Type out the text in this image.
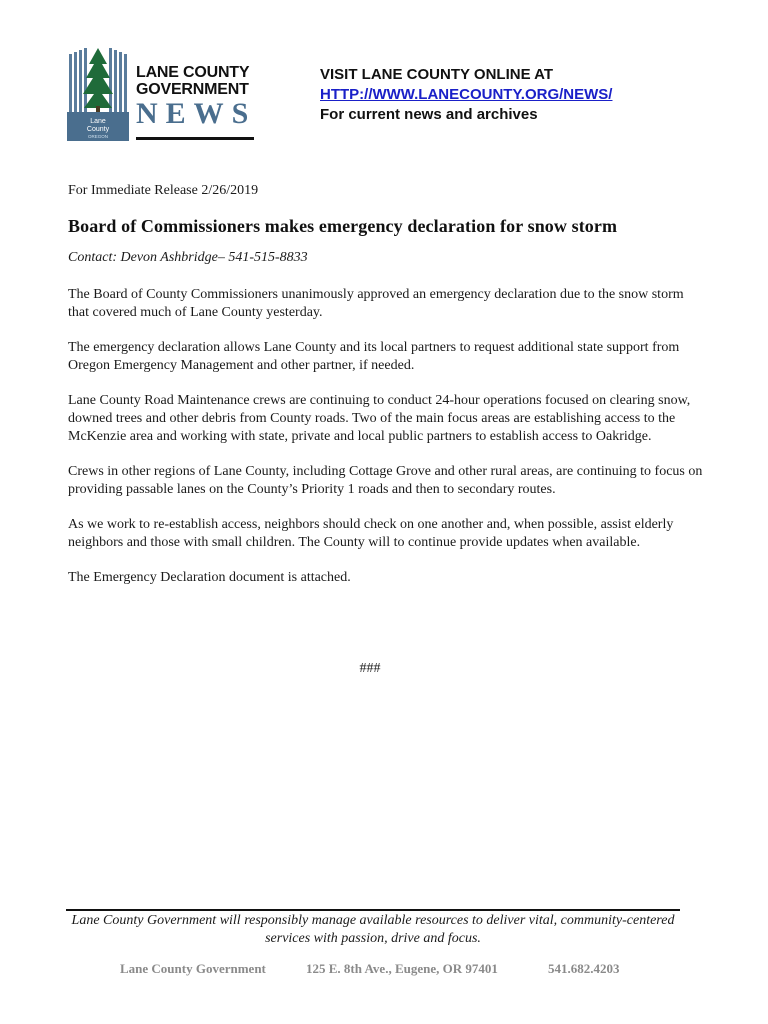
Lane
County
OREGON
LANE COUNTY
GOVERNMENT
NEWS
VISIT LANE COUNTY ONLINE AT
HTTP://WWW.LANECOUNTY.ORG/NEWS/
For current news and archives
For Immediate Release 2/26/2019
Board of Commissioners makes emergency declaration for snow storm
Contact: Devon Ashbridge– 541-515-8833

The Board of County Commissioners unanimously approved an emergency declaration due to the snow storm that covered much of Lane County yesterday.

The emergency declaration allows Lane County and its local partners to request additional state support from Oregon Emergency Management and other partner, if needed.

Lane County Road Maintenance crews are continuing to conduct 24-hour operations focused on clearing snow, downed trees and other debris from County roads. Two of the main focus areas are establishing access to the McKenzie area and working with state, private and local public partners to establish access to Oakridge.

Crews in other regions of Lane County, including Cottage Grove and other rural areas, are continuing to focus on providing passable lanes on the County’s Priority 1 roads and then to secondary routes.

As we work to re-establish access, neighbors should check on one another and, when possible, assist elderly neighbors and those with small children. The County will to continue provide updates when available.

The Emergency Declaration document is attached.

###
Lane County Government will responsibly manage available resources to deliver vital, community-centered services with passion, drive and focus.
Lane County Government	125 E. 8th Ave., Eugene, OR 97401	541.682.4203
